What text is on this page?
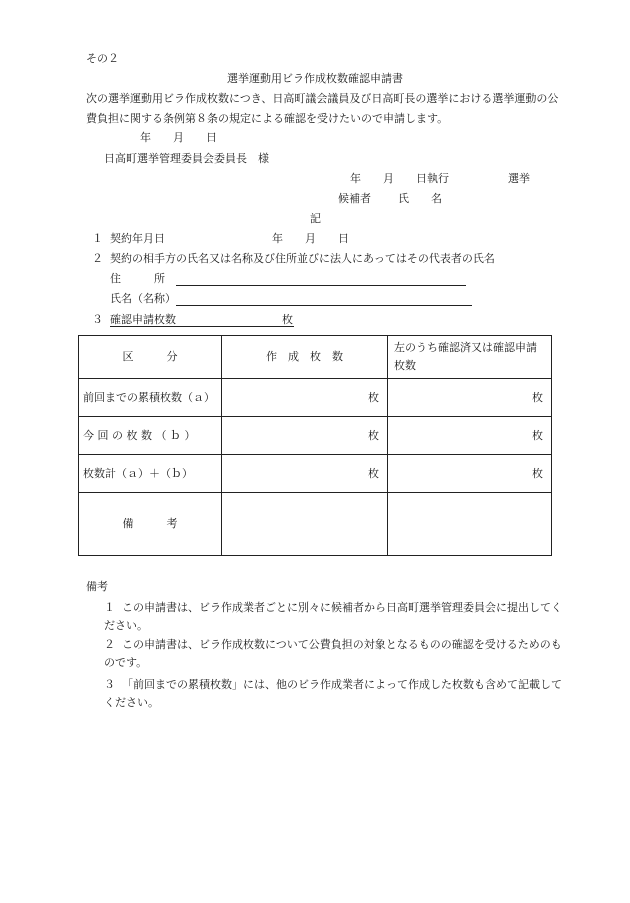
その２
選挙運動用ビラ作成枚数確認申請書
次の選挙運動用ビラ作成枚数につき、日高町議会議員及び日高町長の選挙における選挙運動の公
費負担に関する条例第８条の規定による確認を受けたいので申請します。
年　　月　　日
日高町選挙管理委員会委員長　様
年　　月　　日執行	選挙
候補者 氏　　名
記
１ 契約年月日	年　　月　　日
２ 契約の相手方の氏名又は名称及び住所並びに法人にあってはその代表者の氏名
住　　　所
氏名（名称）
３ 確認申請枚数	枚
区　　　分	作　成　枚　数	左のうち確認済又は確認申請枚数
前回までの累積枚数（ａ）	枚	枚
今 回 の 枚 数 （ ｂ ）	枚	枚
枚数計（ａ）＋（ｂ）	枚	枚
備　　　考		
備考
１ この申請書は、ビラ作成業者ごとに別々に候補者から日高町選挙管理委員会に提出してく
ださい。
２ この申請書は、ビラ作成枚数について公費負担の対象となるものの確認を受けるためのも
のです。
３ 「前回までの累積枚数」には、他のビラ作成業者によって作成した枚数も含めて記載して
ください。
